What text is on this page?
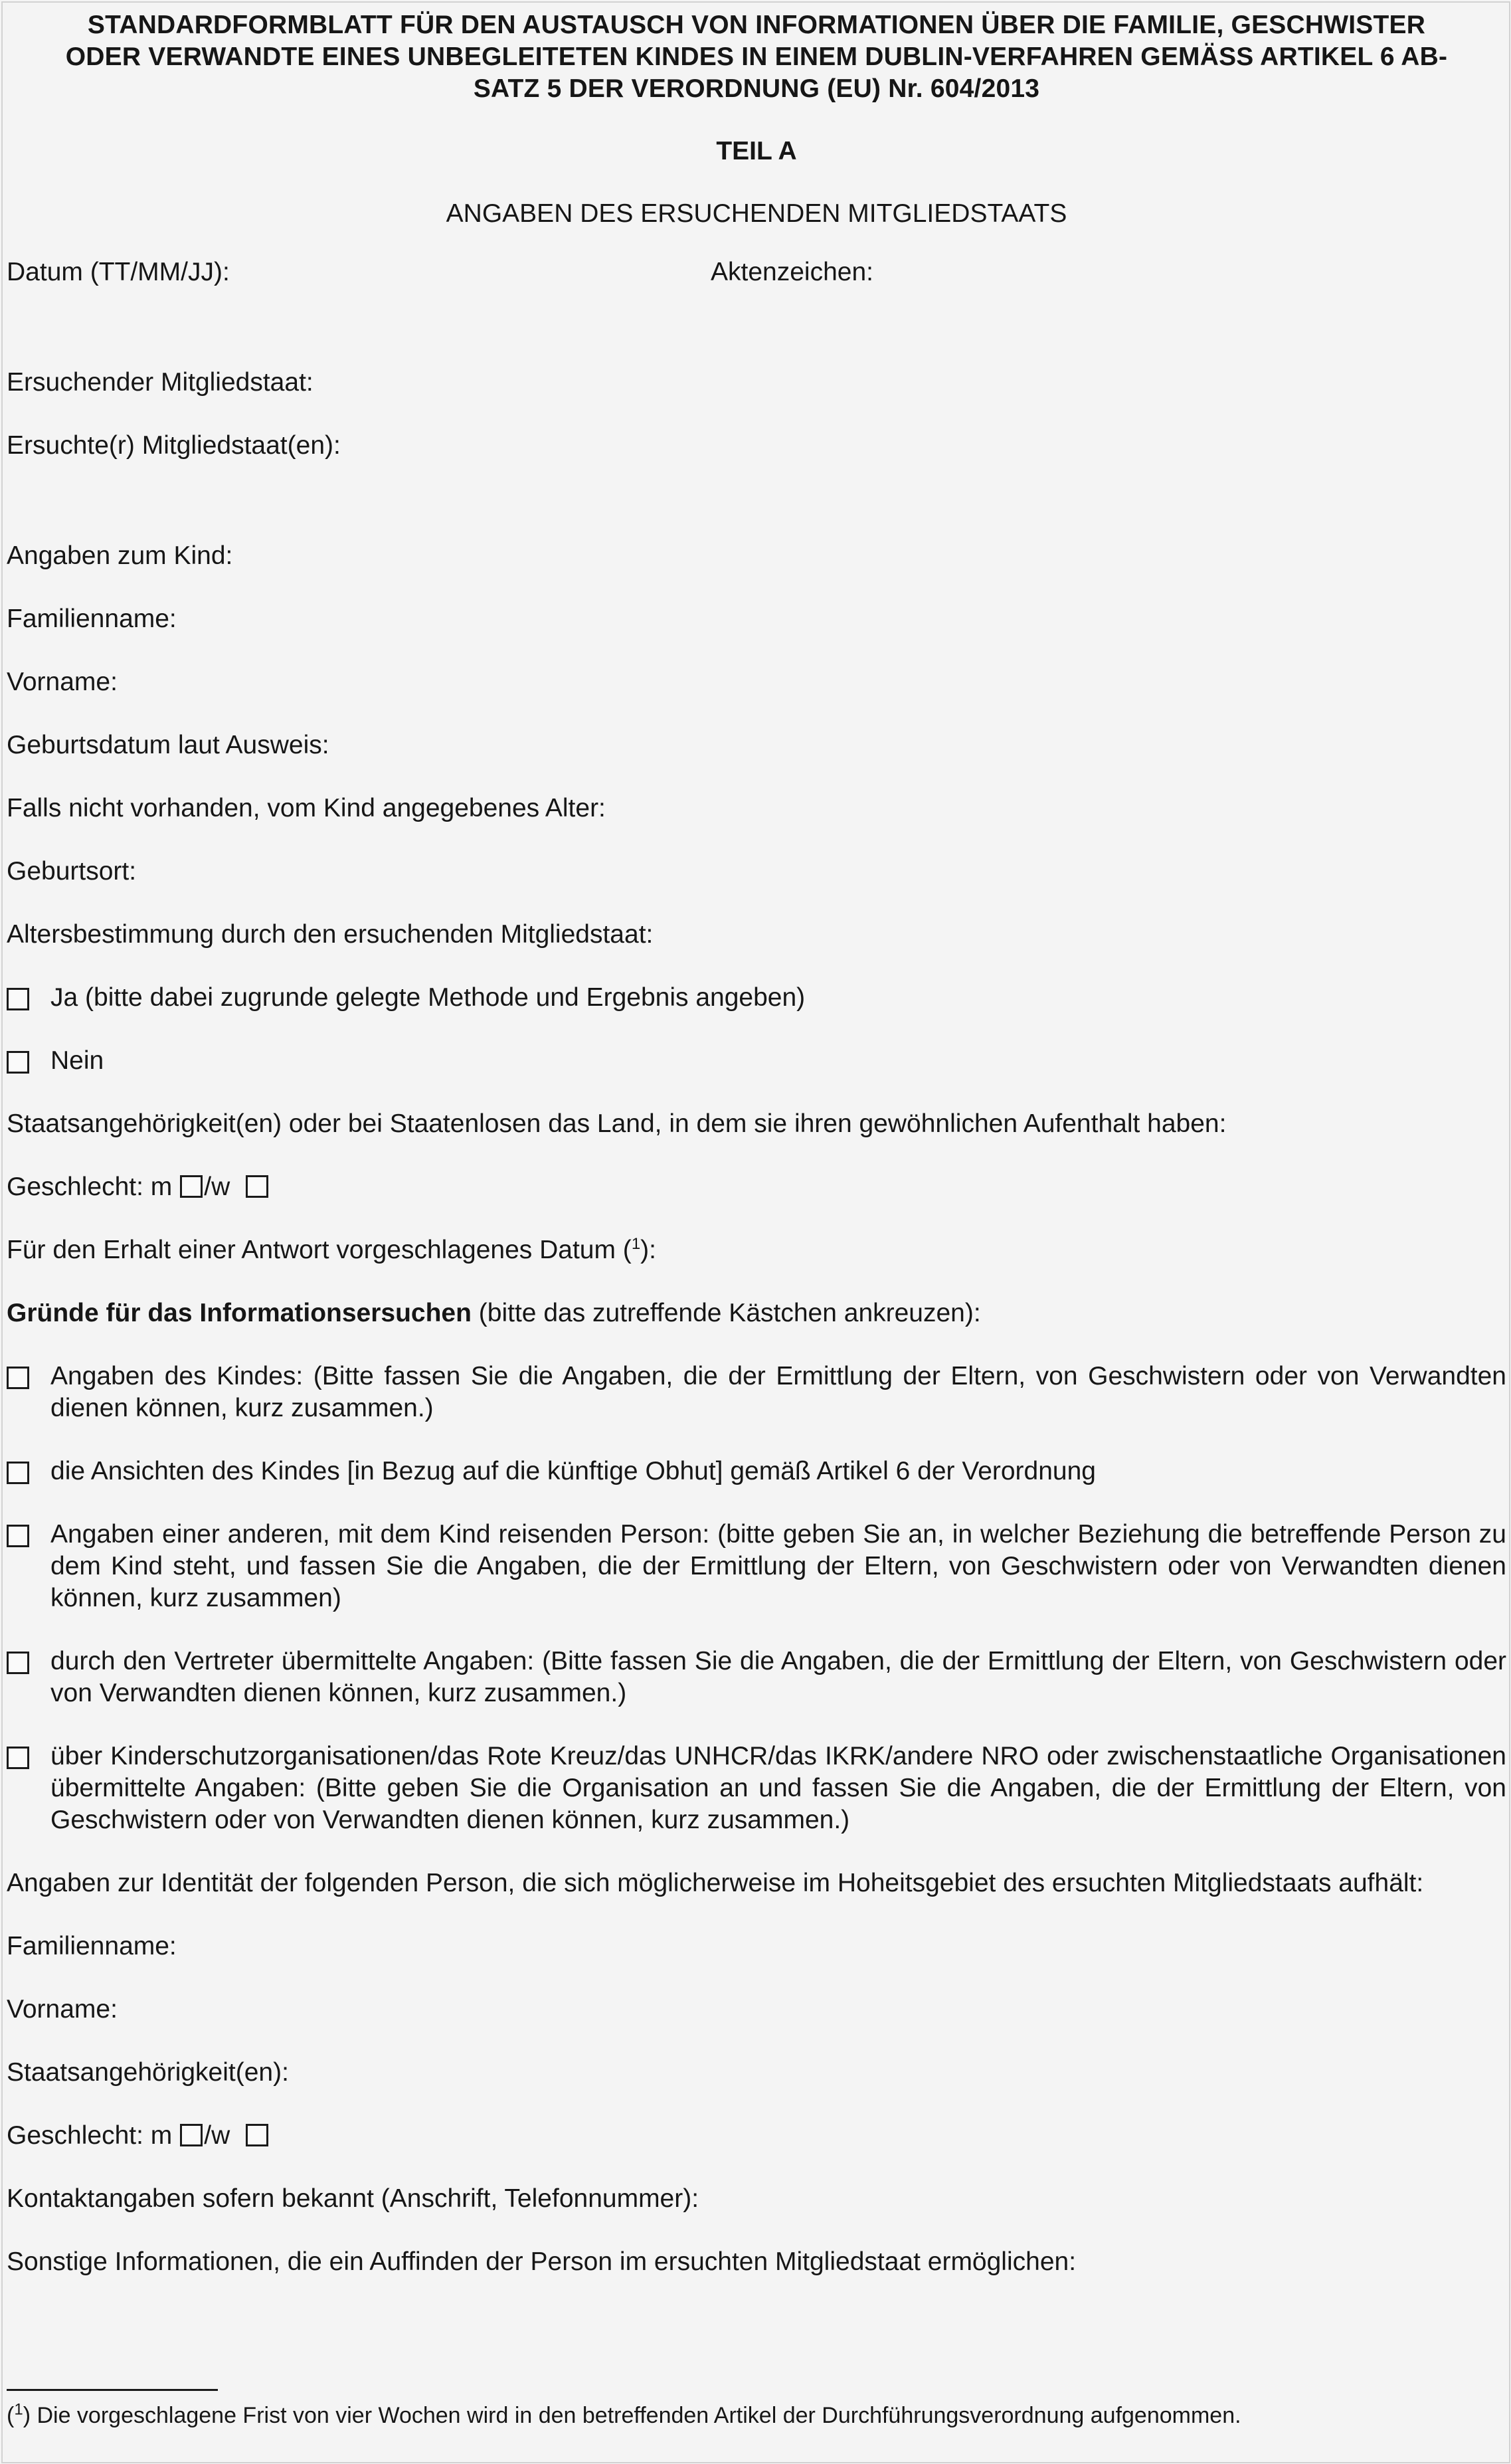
STANDARDFORMBLATT FÜR DEN AUSTAUSCH VON INFORMATIONEN ÜBER DIE FAMILIE, GESCHWISTER
ODER VERWANDTE EINES UNBEGLEITETEN KINDES IN EINEM DUBLIN-VERFAHREN GEMÄSS ARTIKEL 6 AB-
SATZ 5 DER VERORDNUNG (EU) Nr. 604/2013

TEIL A

ANGABEN DES ERSUCHENDEN MITGLIEDSTAATS

Datum (TT/MM/JJ):	Aktenzeichen:

Ersuchender Mitgliedstaat:

Ersuchte(r) Mitgliedstaat(en):

Angaben zum Kind:

Familienname:

Vorname:

Geburtsdatum laut Ausweis:

Falls nicht vorhanden, vom Kind angegebenes Alter:

Geburtsort:

Altersbestimmung durch den ersuchenden Mitgliedstaat:

Ja (bitte dabei zugrunde gelegte Methode und Ergebnis angeben)
Nein

Staatsangehörigkeit(en) oder bei Staatenlosen das Land, in dem sie ihren gewöhnlichen Aufenthalt haben:

Geschlecht: m /w

Für den Erhalt einer Antwort vorgeschlagenes Datum ($^1$):

Gründe für das Informationsersuchen (bitte das zutreffende Kästchen ankreuzen):

Angaben des Kindes: (Bitte fassen Sie die Angaben, die der Ermittlung der Eltern, von Geschwistern oder von Verwandten dienen können, kurz zusammen.)
die Ansichten des Kindes [in Bezug auf die künftige Obhut] gemäß Artikel 6 der Verordnung
Angaben einer anderen, mit dem Kind reisenden Person: (bitte geben Sie an, in welcher Beziehung die betreffende Person zu dem Kind steht, und fassen Sie die Angaben, die der Ermittlung der Eltern, von Geschwistern oder von Verwandten dienen können, kurz zusammen)
durch den Vertreter übermittelte Angaben: (Bitte fassen Sie die Angaben, die der Ermittlung der Eltern, von Geschwistern oder von Verwandten dienen können, kurz zusammen.)
über Kinderschutzorganisationen/das Rote Kreuz/das UNHCR/das IKRK/andere NRO oder zwischenstaatliche Organisationen übermittelte Angaben: (Bitte geben Sie die Organisation an und fassen Sie die Angaben, die der Ermittlung der Eltern, von Geschwistern oder von Verwandten dienen können, kurz zusammen.)

Angaben zur Identität der folgenden Person, die sich möglicherweise im Hoheitsgebiet des ersuchten Mitgliedstaats aufhält:

Familienname:

Vorname:

Staatsangehörigkeit(en):

Geschlecht: m /w

Kontaktangaben sofern bekannt (Anschrift, Telefonnummer):

Sonstige Informationen, die ein Auffinden der Person im ersuchten Mitgliedstaat ermöglichen:

($^1$) Die vorgeschlagene Frist von vier Wochen wird in den betreffenden Artikel der Durchführungsverordnung aufgenommen.
